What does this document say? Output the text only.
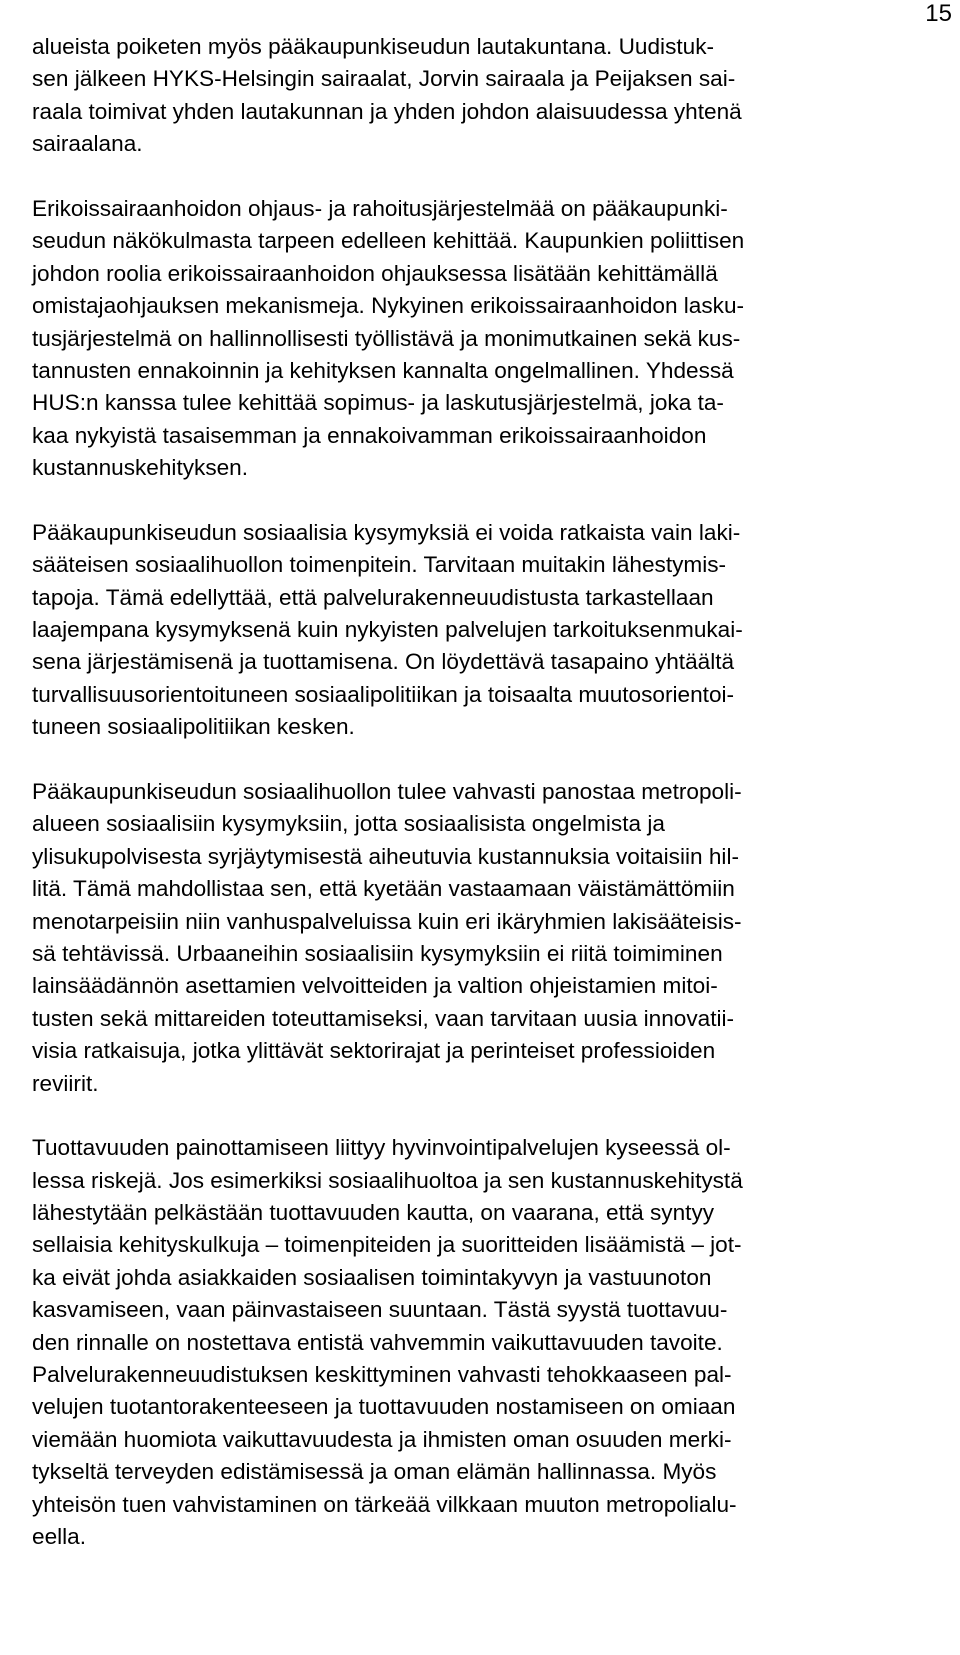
15

alueista poiketen myös pääkaupunkiseudun lautakuntana. Uudistuk-
sen jälkeen HYKS-Helsingin sairaalat, Jorvin sairaala ja Peijaksen sai-
raala toimivat yhden lautakunnan ja yhden johdon alaisuudessa yhtenä
sairaalana.

Erikoissairaanhoidon ohjaus- ja rahoitusjärjestelmää on pääkaupunki-
seudun näkökulmasta tarpeen edelleen kehittää. Kaupunkien poliittisen
johdon roolia erikoissairaanhoidon ohjauksessa lisätään kehittämällä
omistajaohjauksen mekanismeja. Nykyinen erikoissairaanhoidon lasku-
tusjärjestelmä on hallinnollisesti työllistävä ja monimutkainen sekä kus-
tannusten ennakoinnin ja kehityksen kannalta ongelmallinen. Yhdessä
HUS:n kanssa tulee kehittää sopimus- ja laskutusjärjestelmä, joka ta-
kaa nykyistä tasaisemman ja ennakoivamman erikoissairaanhoidon
kustannuskehityksen.

Pääkaupunkiseudun sosiaalisia kysymyksiä ei voida ratkaista vain laki-
sääteisen sosiaalihuollon toimenpitein. Tarvitaan muitakin lähestymis-
tapoja. Tämä edellyttää, että palvelurakenneuudistusta tarkastellaan
laajempana kysymyksenä kuin nykyisten palvelujen tarkoituksenmukai-
sena järjestämisenä ja tuottamisena. On löydettävä tasapaino yhtäältä
turvallisuusorientoituneen sosiaalipolitiikan ja toisaalta muutosorientoi-
tuneen sosiaalipolitiikan kesken.

Pääkaupunkiseudun sosiaalihuollon tulee vahvasti panostaa metropoli-
alueen sosiaalisiin kysymyksiin, jotta sosiaalisista ongelmista ja
ylisukupolvisesta syrjäytymisestä aiheutuvia kustannuksia voitaisiin hil-
litä. Tämä mahdollistaa sen, että kyetään vastaamaan väistämättömiin
menotarpeisiin niin vanhuspalveluissa kuin eri ikäryhmien lakisääteisis-
sä tehtävissä. Urbaaneihin sosiaalisiin kysymyksiin ei riitä toimiminen
lainsäädännön asettamien velvoitteiden ja valtion ohjeistamien mitoi-
tusten sekä mittareiden toteuttamiseksi, vaan tarvitaan uusia innovatii-
visia ratkaisuja, jotka ylittävät sektorirajat ja perinteiset professioiden
reviirit.

Tuottavuuden painottamiseen liittyy hyvinvointipalvelujen kyseessä ol-
lessa riskejä. Jos esimerkiksi sosiaalihuoltoa ja sen kustannuskehitystä
lähestytään pelkästään tuottavuuden kautta, on vaarana, että syntyy
sellaisia kehityskulkuja – toimenpiteiden ja suoritteiden lisäämistä – jot-
ka eivät johda asiakkaiden sosiaalisen toimintakyvyn ja vastuunoton
kasvamiseen, vaan päinvastaiseen suuntaan. Tästä syystä tuottavuu-
den rinnalle on nostettava entistä vahvemmin vaikuttavuuden tavoite.
Palvelurakenneuudistuksen keskittyminen vahvasti tehokkaaseen pal-
velujen tuotantorakenteeseen ja tuottavuuden nostamiseen on omiaan
viemään huomiota vaikuttavuudesta ja ihmisten oman osuuden merki-
tykseltä terveyden edistämisessä ja oman elämän hallinnassa. Myös
yhteisön tuen vahvistaminen on tärkeää vilkkaan muuton metropolialu-
eella.
